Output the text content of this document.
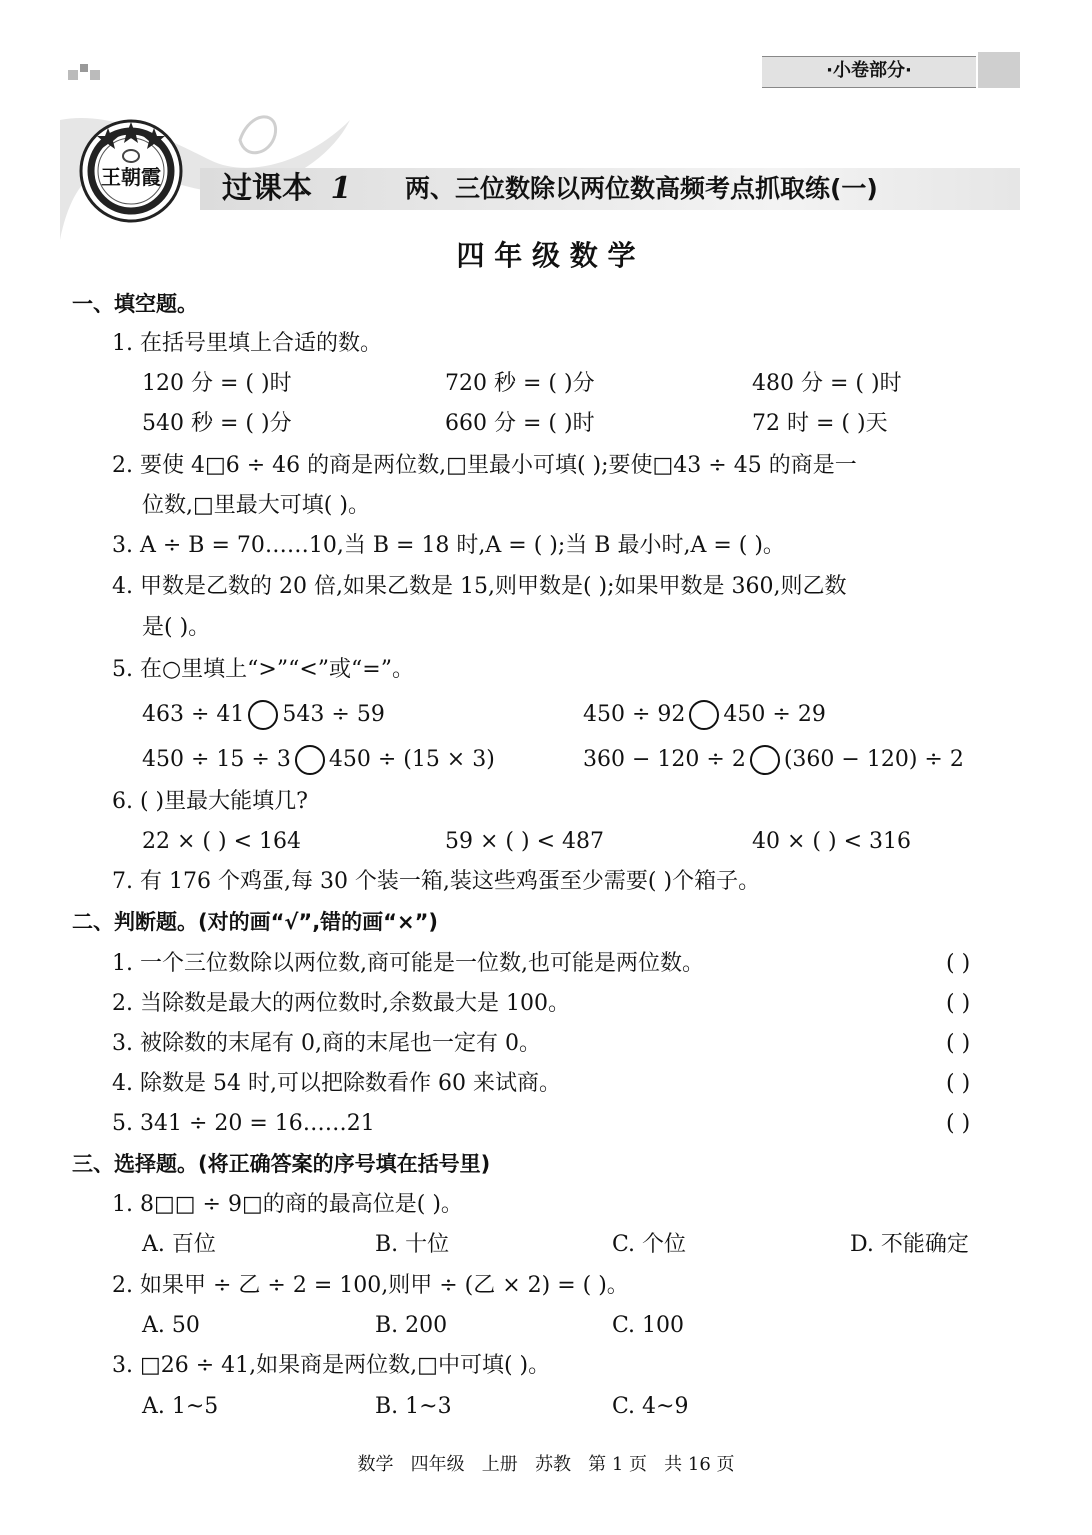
·小卷部分·
王朝霞 过课本 1 两、三位数除以两位数高频考点抓取练(一)
四 年 级 数 学
一、填空题。
1. 在括号里填上合适的数。
120 分 = ( )时	720 秒 = ( )分	480 分 = ( )时
540 秒 = ( )分	660 分 = ( )时	72 时 = ( )天
2. 要使 4□6 ÷ 46 的商是两位数,□里最小可填( );要使□43 ÷ 45 的商是一
位数,□里最大可填( )。
3. A ÷ B = 70……10,当 B = 18 时,A = ( );当 B 最小时,A = ( )。
4. 甲数是乙数的 20 倍,如果乙数是 15,则甲数是( );如果甲数是 360,则乙数
是( )。
5. 在○里填上“>”“<”或“=”。
463 ÷ 41 543 ÷ 59	450 ÷ 92 450 ÷ 29
450 ÷ 15 ÷ 3 450 ÷ (15 × 3)	360 − 120 ÷ 2 (360 − 120) ÷ 2
6. ( )里最大能填几?
22 × ( ) < 164	59 × ( ) < 487	40 × ( ) < 316
7. 有 176 个鸡蛋,每 30 个装一箱,装这些鸡蛋至少需要( )个箱子。
二、判断题。(对的画“√”,错的画“×”)
1. 一个三位数除以两位数,商可能是一位数,也可能是两位数。	( )
2. 当除数是最大的两位数时,余数最大是 100。	( )
3. 被除数的末尾有 0,商的末尾也一定有 0。	( )
4. 除数是 54 时,可以把除数看作 60 来试商。	( )
5. 341 ÷ 20 = 16……21	( )
三、选择题。(将正确答案的序号填在括号里)
1. 8□□ ÷ 9□的商的最高位是( )。
A. 百位	B. 十位	C. 个位	D. 不能确定
2. 如果甲 ÷ 乙 ÷ 2 = 100,则甲 ÷ (乙 × 2) = ( )。
A. 50	B. 200	C. 100
3. □26 ÷ 41,如果商是两位数,□中可填( )。
A. 1~5	B. 1~3	C. 4~9
数学   四年级   上册   苏教   第 1 页   共 16 页
